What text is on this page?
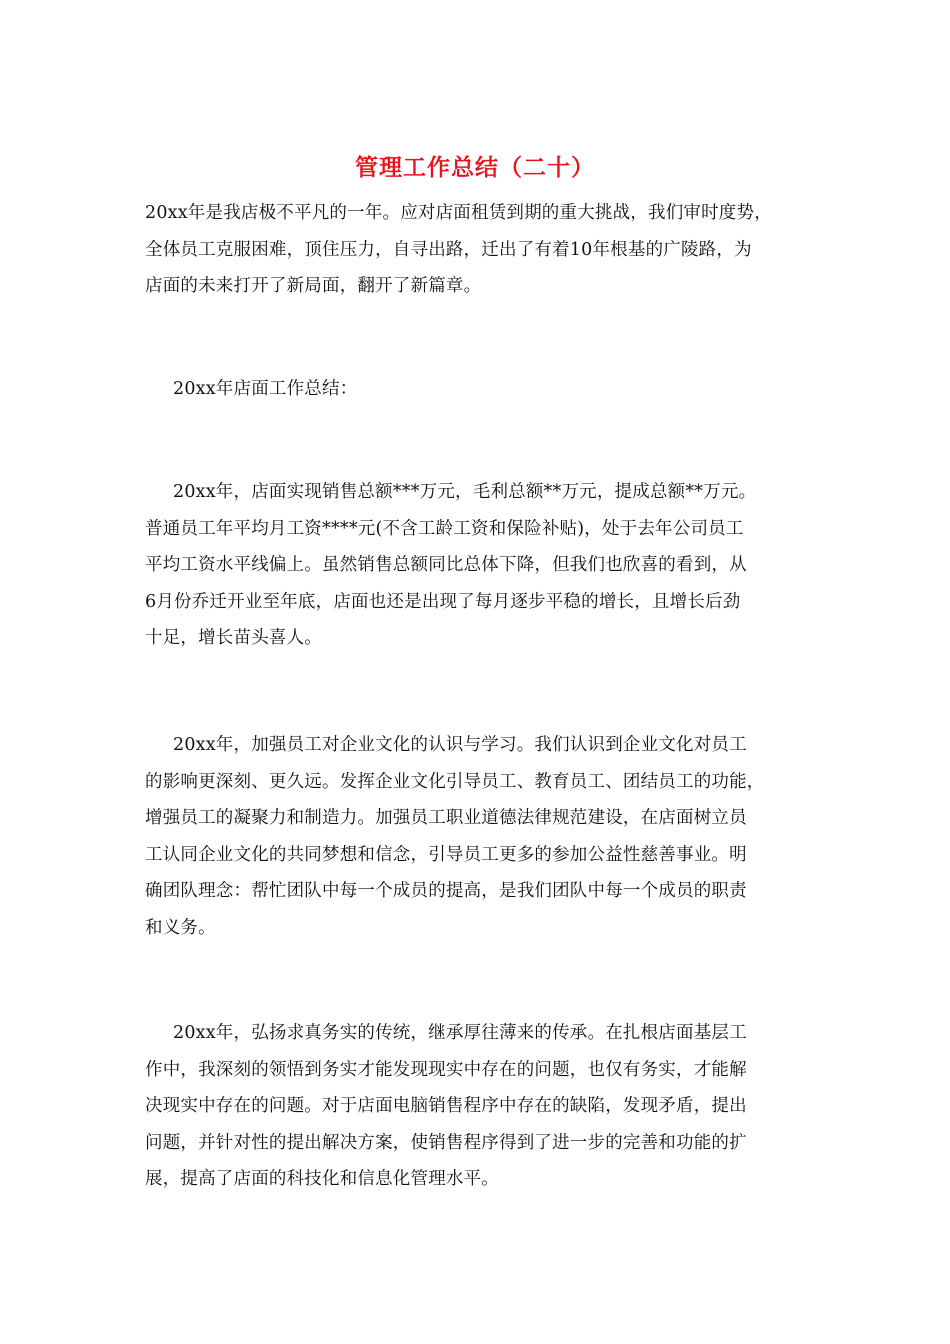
管理工作总结（二十）
20xx年是我店极不平凡的一年。应对店面租赁到期的重大挑战，我们审时度势，
全体员工克服困难，顶住压力，自寻出路，迁出了有着10年根基的广陵路，为
店面的未来打开了新局面，翻开了新篇章。
20xx年店面工作总结：
20xx年，店面实现销售总额***万元，毛利总额**万元，提成总额**万元。
普通员工年平均月工资****元(不含工龄工资和保险补贴)，处于去年公司员工
平均工资水平线偏上。虽然销售总额同比总体下降，但我们也欣喜的看到，从
6月份乔迁开业至年底，店面也还是出现了每月逐步平稳的增长，且增长后劲
十足，增长苗头喜人。
20xx年，加强员工对企业文化的认识与学习。我们认识到企业文化对员工
的影响更深刻、更久远。发挥企业文化引导员工、教育员工、团结员工的功能，
增强员工的凝聚力和制造力。加强员工职业道德法律规范建设，在店面树立员
工认同企业文化的共同梦想和信念，引导员工更多的参加公益性慈善事业。明
确团队理念：帮忙团队中每一个成员的提高，是我们团队中每一个成员的职责
和义务。
20xx年，弘扬求真务实的传统，继承厚往薄来的传承。在扎根店面基层工
作中，我深刻的领悟到务实才能发现现实中存在的问题，也仅有务实，才能解
决现实中存在的问题。对于店面电脑销售程序中存在的缺陷，发现矛盾，提出
问题，并针对性的提出解决方案，使销售程序得到了进一步的完善和功能的扩
展，提高了店面的科技化和信息化管理水平。
